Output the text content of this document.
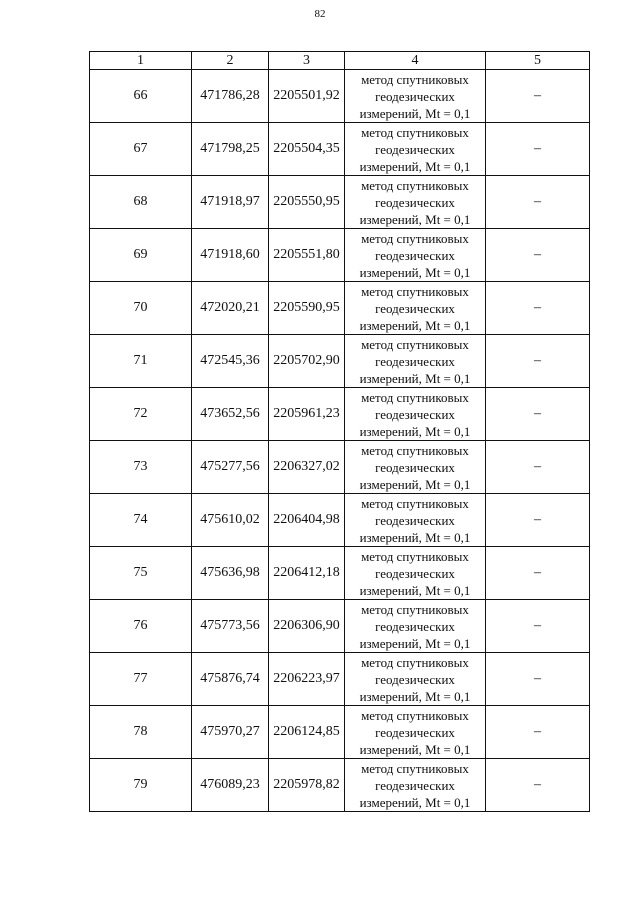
82
1	2	3	4	5
66	471786,28	2205501,92	метод спутниковых
геодезических
измерений, Mt = 0,1	–
67	471798,25	2205504,35	метод спутниковых
геодезических
измерений, Mt = 0,1	–
68	471918,97	2205550,95	метод спутниковых
геодезических
измерений, Mt = 0,1	–
69	471918,60	2205551,80	метод спутниковых
геодезических
измерений, Mt = 0,1	–
70	472020,21	2205590,95	метод спутниковых
геодезических
измерений, Mt = 0,1	–
71	472545,36	2205702,90	метод спутниковых
геодезических
измерений, Mt = 0,1	–
72	473652,56	2205961,23	метод спутниковых
геодезических
измерений, Mt = 0,1	–
73	475277,56	2206327,02	метод спутниковых
геодезических
измерений, Mt = 0,1	–
74	475610,02	2206404,98	метод спутниковых
геодезических
измерений, Mt = 0,1	–
75	475636,98	2206412,18	метод спутниковых
геодезических
измерений, Mt = 0,1	–
76	475773,56	2206306,90	метод спутниковых
геодезических
измерений, Mt = 0,1	–
77	475876,74	2206223,97	метод спутниковых
геодезических
измерений, Mt = 0,1	–
78	475970,27	2206124,85	метод спутниковых
геодезических
измерений, Mt = 0,1	–
79	476089,23	2205978,82	метод спутниковых
геодезических
измерений, Mt = 0,1	–
